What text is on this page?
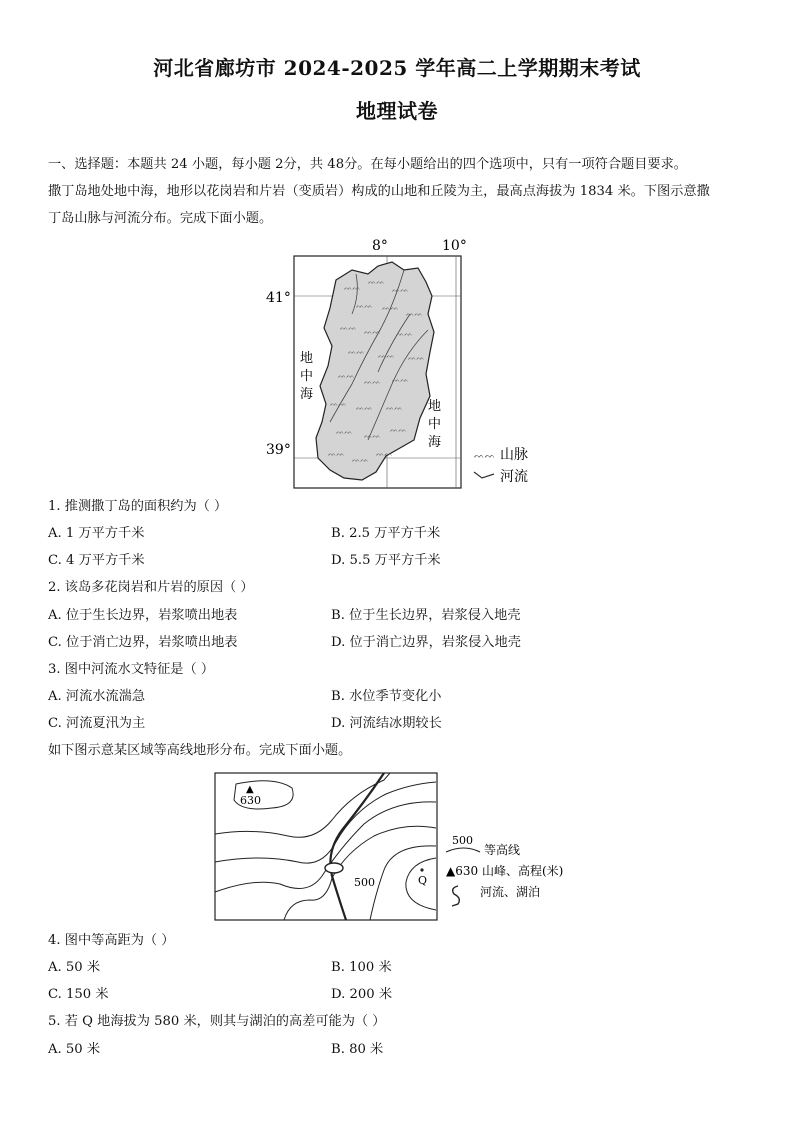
河北省廊坊市 2024-2025 学年高二上学期期末考试
地理试卷
一、选择题：本题共 24 小题，每小题 2分，共 48分。在每小题给出的四个选项中，只有一项符合题目要求。
撒丁岛地处地中海，地形以花岗岩和片岩（变质岩）构成的山地和丘陵为主，最高点海拔为 1834 米。下图示意撒
丁岛山脉与河流分布。完成下面小题。
8°	10°
41°
39°
ᨓᨓ
ᨓᨓ
ᨓᨓ
ᨓᨓ ᨓᨓ
ᨓᨓ
ᨓᨓ ᨓᨓ ᨓᨓ
ᨓᨓ ᨓᨓ ᨓᨓ
ᨓᨓ
ᨓᨓ ᨓᨓ
ᨓᨓ ᨓᨓ ᨓᨓ
ᨓᨓ ᨓᨓ
ᨓᨓ
ᨓᨓ
ᨓᨓ
ᨓᨓ
地
中
海
地
中
海
ᨓᨓ 山脉
河流
1. 推测撒丁岛的面积约为（ ）
A. 1 万平方千米	B. 2.5 万平方千米
C. 4 万平方千米	D. 5.5 万平方千米
2. 该岛多花岗岩和片岩的原因（ ）
A. 位于生长边界，岩浆喷出地表	B. 位于生长边界，岩浆侵入地壳
C. 位于消亡边界，岩浆喷出地表	D. 位于消亡边界，岩浆侵入地壳
3. 图中河流水文特征是（ ）
A. 河流水流湍急	B. 水位季节变化小
C. 河流夏汛为主	D. 河流结冰期较长
如下图示意某区域等高线地形分布。完成下面小题。
▲
630
500	Q
500
等高线
▲630 山峰、高程(米)
河流、湖泊
4. 图中等高距为（ ）
A. 50 米	B. 100 米
C. 150 米	D. 200 米
5. 若 Q 地海拔为 580 米，则其与湖泊的高差可能为（ ）
A. 50 米	B. 80 米
